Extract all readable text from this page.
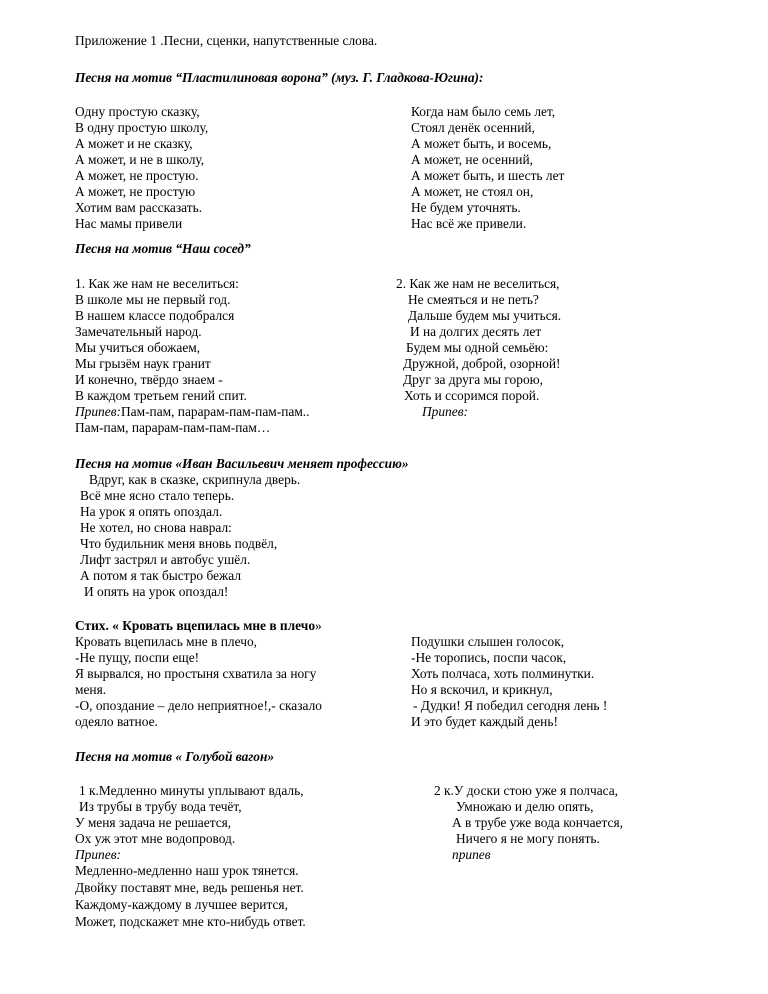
Приложение 1 .Песни, сценки, напутственные слова.
Песня на мотив “Пластилиновая ворона” (муз. Г. Гладкова-Югина):
Одну простую сказку,
В одну простую школу,
А может и не сказку,
А может, и не в школу,
А может, не простую.
А может, не простую
Хотим вам рассказать.
Нас мамы привели
Когда нам было семь лет,
Стоял денёк осенний,
А может быть, и восемь,
А может, не осенний,
А может быть, и шесть лет
А может, не стоял он,
Не будем уточнять.
Нас всё же привели.
Песня на мотив “Наш сосед”
1. Как же нам не веселиться:
В школе мы не первый год.
В нашем классе подобрался
Замечательный народ.
Мы учиться обожаем,
Мы грызём наук гранит
И конечно, твёрдо знаем -
В каждом третьем гений спит.
Припев:Пам-пам, парарам-пам-пам-пам..
Пам-пам, парарам-пам-пам-пам…
2. Как же нам не веселиться,
Не смеяться и не петь?
Дальше будем мы учиться.
И на долгих десять лет
Будем мы одной семьёю:
Дружной, доброй, озорной!
Друг за друга мы горою,
Хоть и ссоримся порой.
Припев:
Песня на мотив «Иван Васильевич меняет профессию»
Вдруг, как в сказке, скрипнула дверь.
Всё мне ясно стало теперь.
На урок я опять опоздал.
Не хотел, но снова наврал:
Что будильник меня вновь подвёл,
Лифт застрял и автобус ушёл.
А потом я так быстро бежал
И опять на урок опоздал!
Стих. « Кровать вцепилась мне в плечо»
Кровать вцепилась мне в плечо,
-Не пущу, поспи еще!
Я вырвался, но простыня схватила за ногу
меня.
-О, опоздание – дело неприятное!,- сказало
одеяло ватное.
Подушки слышен голосок,
-Не торопись, поспи часок,
Хоть полчаса, хоть полминутки.
Но я вскочил, и крикнул,
- Дудки! Я победил сегодня лень !
И это будет каждый день!
Песня на мотив « Голубой вагон»
1 к.Медленно минуты уплывают вдаль,
Из трубы в трубу вода течёт,
У меня задача не решается,
Ох уж этот мне водопровод.
Припев:
Медленно-медленно наш урок тянется.
Двойку поставят мне, ведь решенья нет.
Каждому-каждому в лучшее верится,
Может, подскажет мне кто-нибудь ответ.
2 к.У доски стою уже я полчаса,
Умножаю и делю опять,
А в трубе уже вода кончается,
Ничего я не могу понять.
припев
